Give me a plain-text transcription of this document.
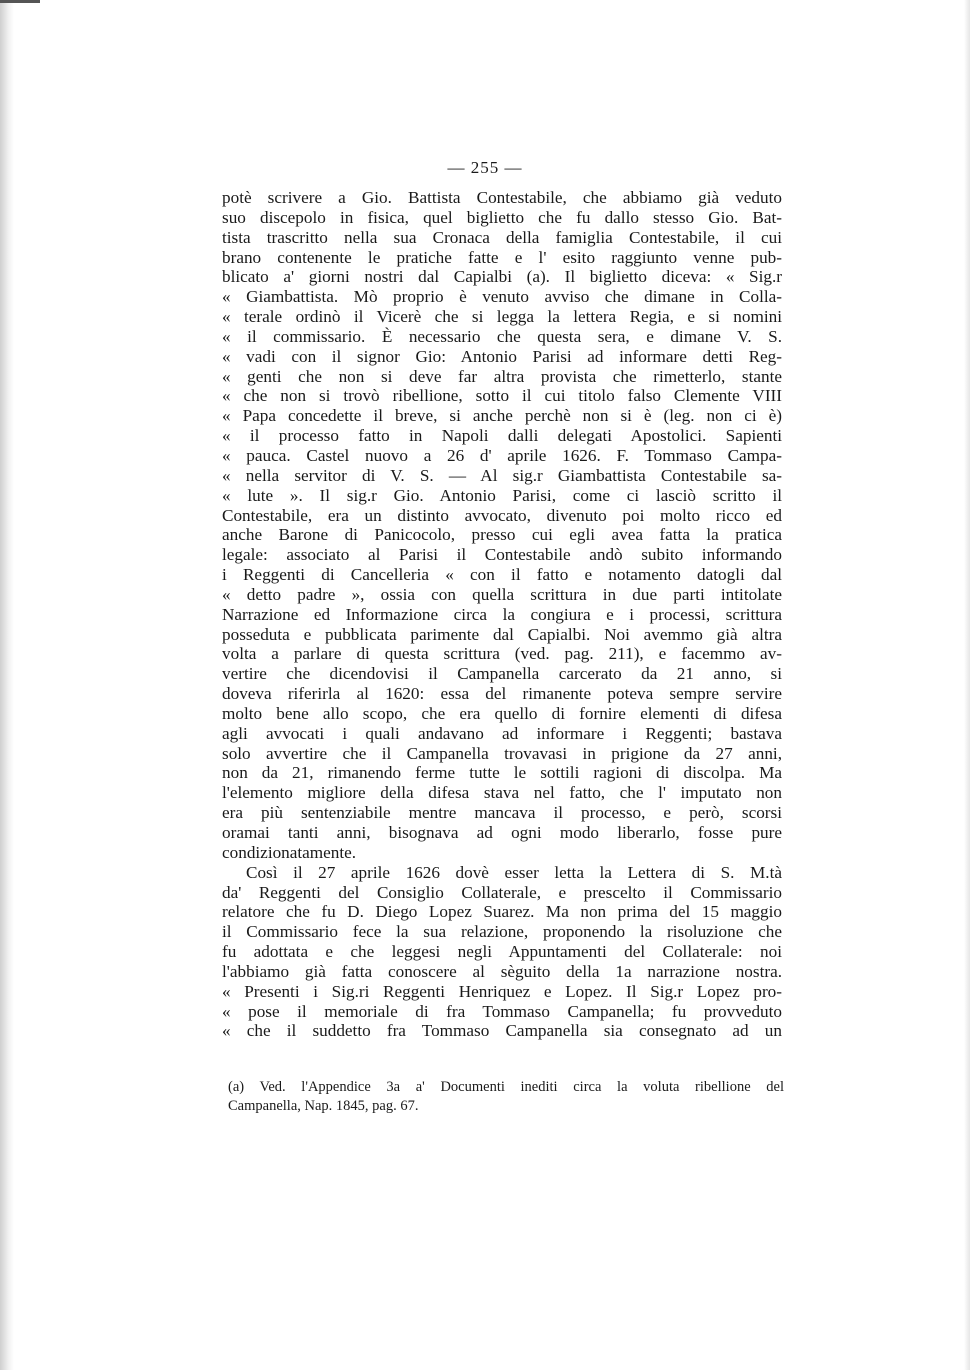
— 255 —
potè scrivere a Gio. Battista Contestabile, che abbiamo già veduto
suo discepolo in fisica, quel biglietto che fu dallo stesso Gio. Bat-
tista trascritto nella sua Cronaca della famiglia Contestabile, il cui
brano contenente le pratiche fatte e l' esito raggiunto venne pub-
blicato a' giorni nostri dal Capialbi (a). Il biglietto diceva: « Sig.r
« Giambattista. Mò proprio è venuto avviso che dimane in Colla-
« terale ordinò il Vicerè che si legga la lettera Regia, e si nomini
« il commissario. È necessario che questa sera, e dimane V. S.
« vadi con il signor Gio: Antonio Parisi ad informare detti Reg-
« genti che non si deve far altra provista che rimetterlo, stante
« che non si trovò ribellione, sotto il cui titolo falso Clemente VIII
« Papa concedette il breve, si anche perchè non si è (leg. non ci è)
« il processo fatto in Napoli dalli delegati Apostolici. Sapienti
« pauca. Castel nuovo a 26 d' aprile 1626. F. Tommaso Campa-
« nella servitor di V. S. — Al sig.r Giambattista Contestabile sa-
« lute ». Il sig.r Gio. Antonio Parisi, come ci lasciò scritto il
Contestabile, era un distinto avvocato, divenuto poi molto ricco ed
anche Barone di Panicocolo, presso cui egli avea fatta la pratica
legale: associato al Parisi il Contestabile andò subito informando
i Reggenti di Cancelleria « con il fatto e notamento datogli dal
« detto padre », ossia con quella scrittura in due parti intitolate
Narrazione ed Informazione circa la congiura e i processi, scrittura
posseduta e pubblicata parimente dal Capialbi. Noi avemmo già altra
volta a parlare di questa scrittura (ved. pag. 211), e facemmo av-
vertire che dicendovisi il Campanella carcerato da 21 anno, si
doveva riferirla al 1620: essa del rimanente poteva sempre servire
molto bene allo scopo, che era quello di fornire elementi di difesa
agli avvocati i quali andavano ad informare i Reggenti; bastava
solo avvertire che il Campanella trovavasi in prigione da 27 anni,
non da 21, rimanendo ferme tutte le sottili ragioni di discolpa. Ma
l'elemento migliore della difesa stava nel fatto, che l' imputato non
era più sentenziabile mentre mancava il processo, e però, scorsi
oramai tanti anni, bisognava ad ogni modo liberarlo, fosse pure
condizionatamente.
Così il 27 aprile 1626 dovè esser letta la Lettera di S. M.tà
da' Reggenti del Consiglio Collaterale, e prescelto il Commissario
relatore che fu D. Diego Lopez Suarez. Ma non prima del 15 maggio
il Commissario fece la sua relazione, proponendo la risoluzione che
fu adottata e che leggesi negli Appuntamenti del Collaterale: noi
l'abbiamo già fatta conoscere al sèguito della 1a narrazione nostra.
« Presenti i Sig.ri Reggenti Henriquez e Lopez. Il Sig.r Lopez pro-
« pose il memoriale di fra Tommaso Campanella; fu provveduto
« che il suddetto fra Tommaso Campanella sia consegnato ad un
(a) Ved. l'Appendice 3a a' Documenti inediti circa la voluta ribellione del
Campanella, Nap. 1845, pag. 67.
